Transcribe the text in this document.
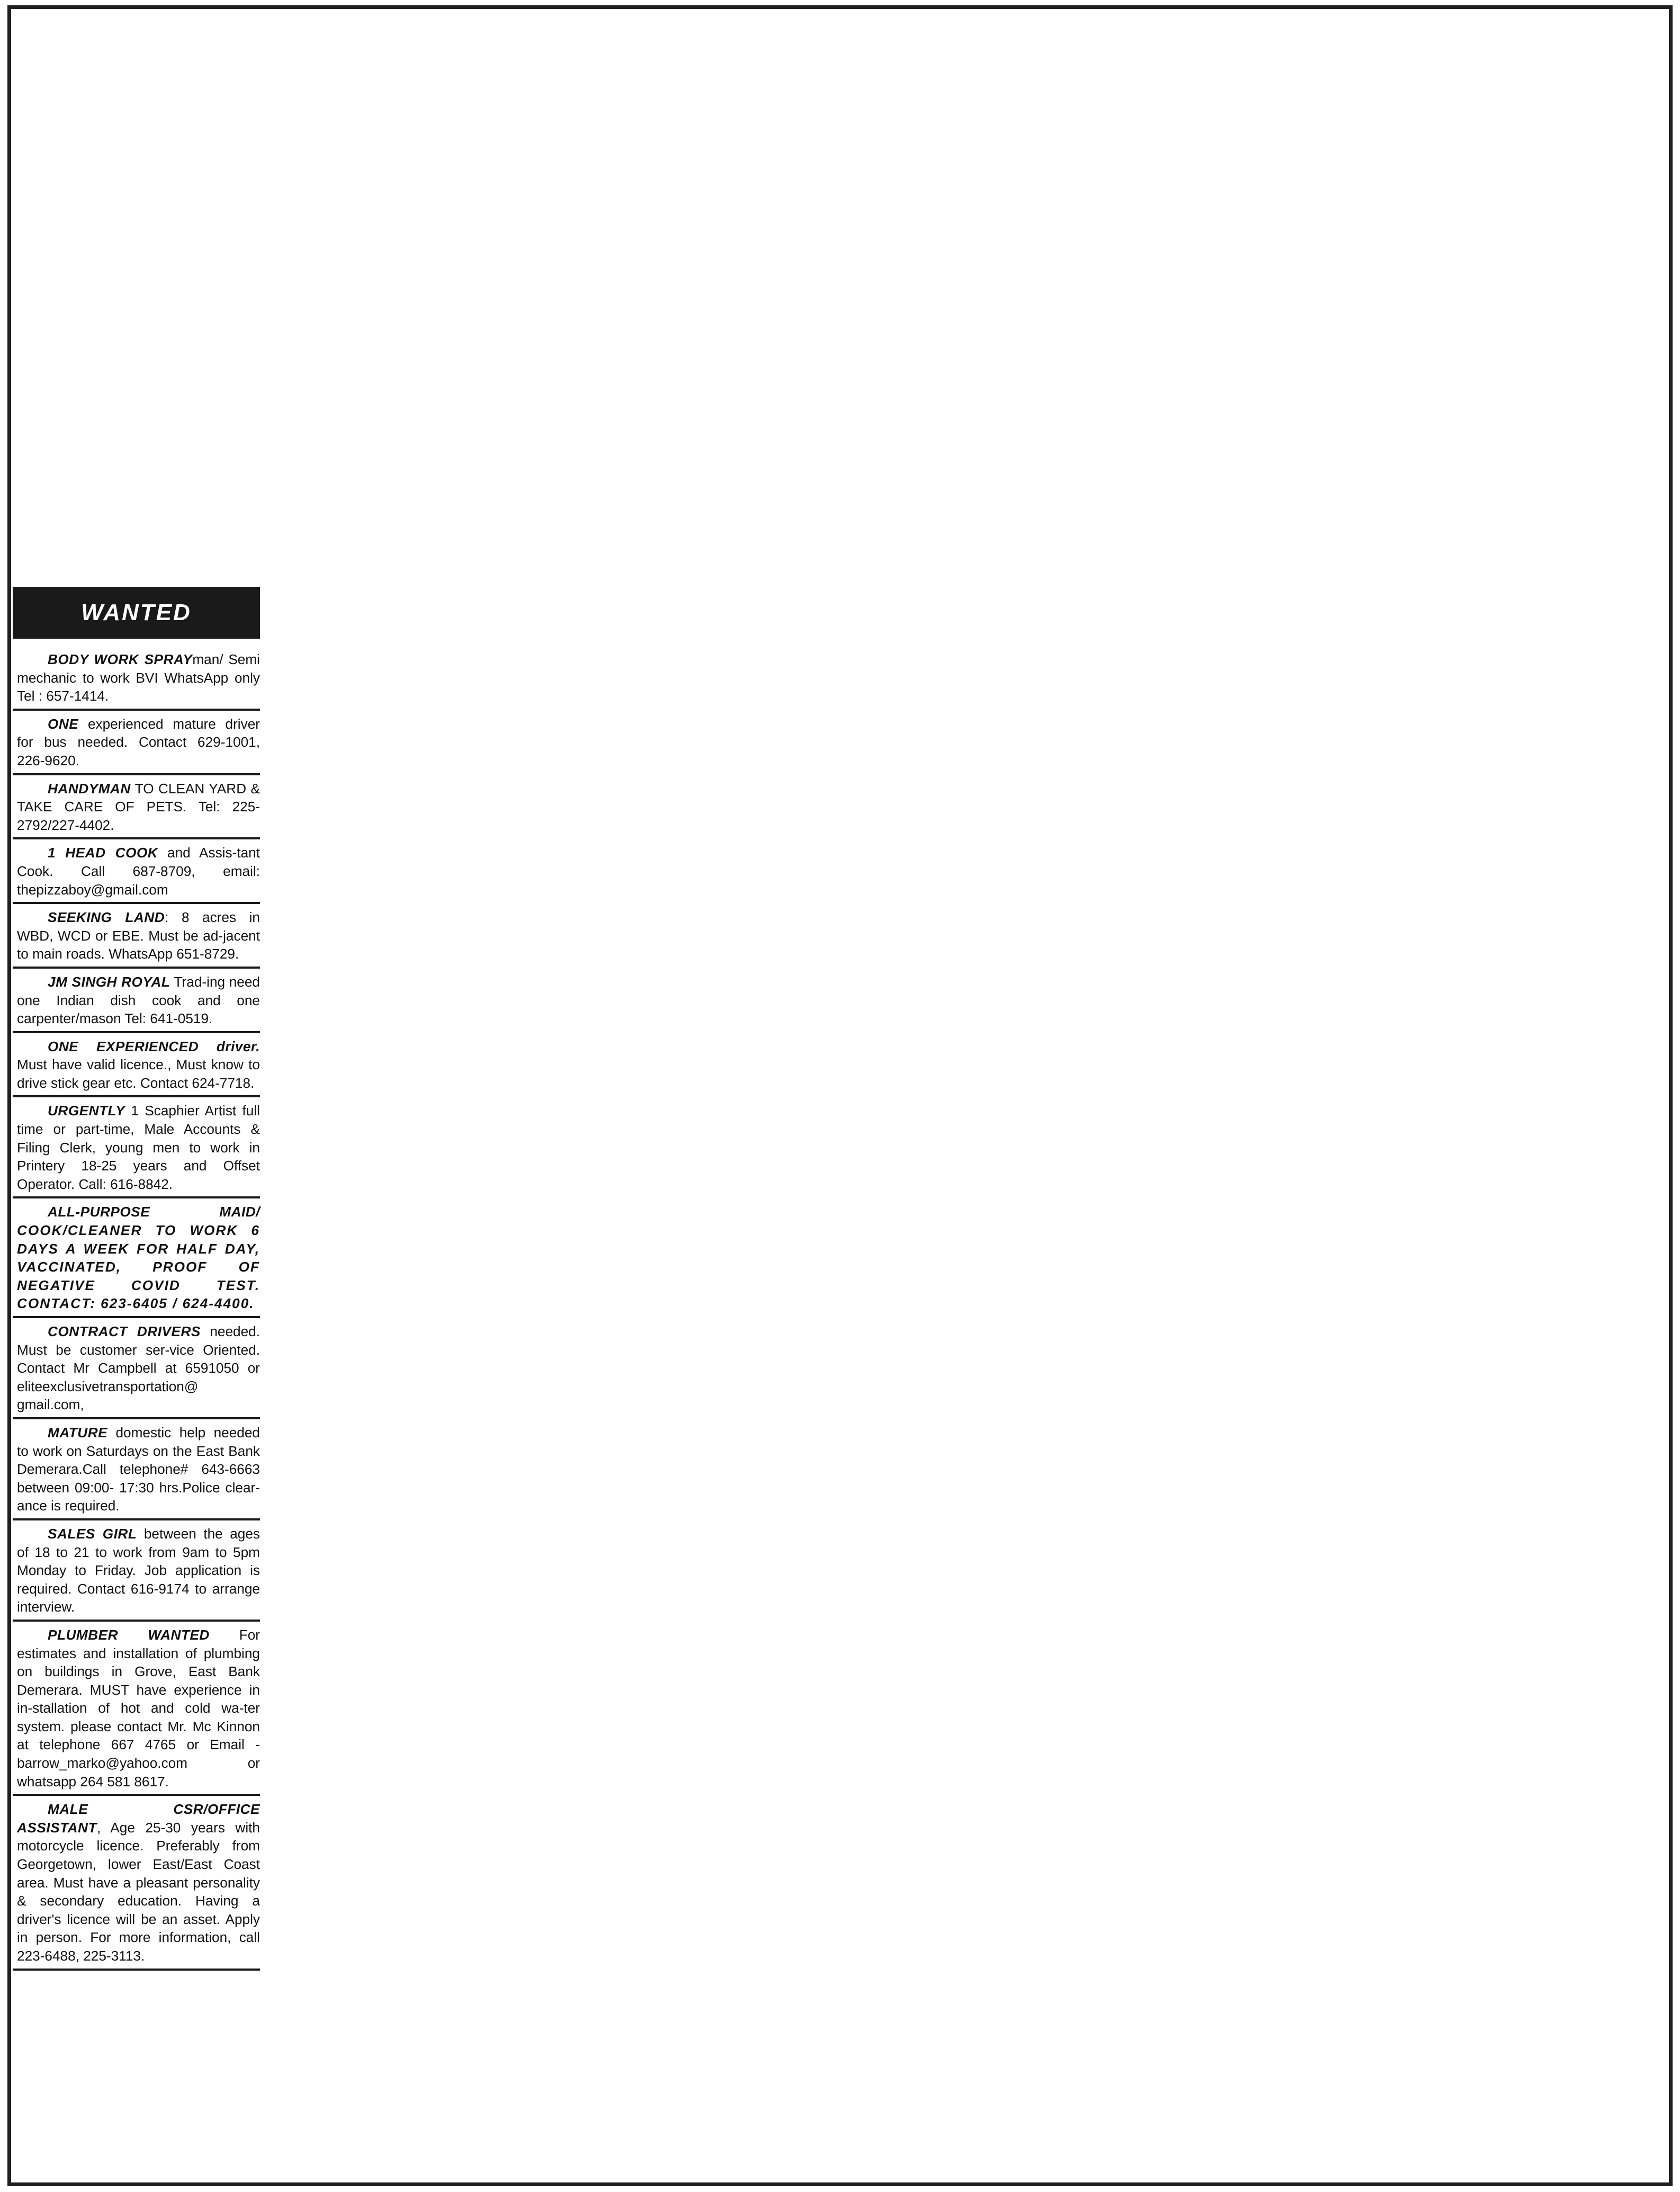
WANTED
BODY WORK SPRAYman/ Semi mechanic to work BVI WhatsApp only Tel : 657-1414.
ONE experienced mature driver for bus needed. Contact 629-1001, 226-9620.
HANDYMAN TO CLEAN YARD & TAKE CARE OF PETS. Tel: 225-2792/227-4402.
1 HEAD COOK and Assis-tant Cook. Call 687-8709, email: thepizzaboy@gmail.com
SEEKING LAND: 8 acres in WBD, WCD or EBE. Must be ad-jacent to main roads. WhatsApp 651-8729.
JM SINGH ROYAL Trad-ing need one Indian dish cook and one carpenter/mason Tel: 641-0519.
ONE EXPERIENCED driver. Must have valid licence., Must know to drive stick gear etc. Contact 624-7718.
URGENTLY 1 Scaphier Artist full time or part-time, Male Accounts & Filing Clerk, young men to work in Printery 18-25 years and Offset Operator. Call: 616-8842.
ALL-PURPOSE MAID/ COOK/CLEANER TO WORK 6 DAYS A WEEK FOR HALF DAY, VACCINATED, PROOF OF NEGATIVE COVID TEST. CONTACT: 623-6405 / 624-4400.
CONTRACT DRIVERS needed. Must be customer ser-vice Oriented. Contact Mr Campbell at 6591050 or eliteexclusivetransportation@ gmail.com,
MATURE domestic help needed to work on Saturdays on the East Bank Demerara.Call telephone# 643-6663 between 09:00- 17:30 hrs.Police clear-ance is required.
SALES GIRL between the ages of 18 to 21 to work from 9am to 5pm Monday to Friday. Job application is required. Contact 616-9174 to arrange interview.
PLUMBER WANTED For estimates and installation of plumbing on buildings in Grove, East Bank Demerara. MUST have experience in in-stallation of hot and cold wa-ter system. please contact Mr. Mc Kinnon at telephone 667 4765 or Email - barrow_marko@yahoo.com or whatsapp 264 581 8617.
MALE CSR/OFFICE ASSISTANT, Age 25-30 years with motorcycle licence. Preferably from Georgetown, lower East/East Coast area. Must have a pleasant personality & secondary education. Having a driver's licence will be an asset. Apply in person. For more information, call 223-6488, 225-3113.
